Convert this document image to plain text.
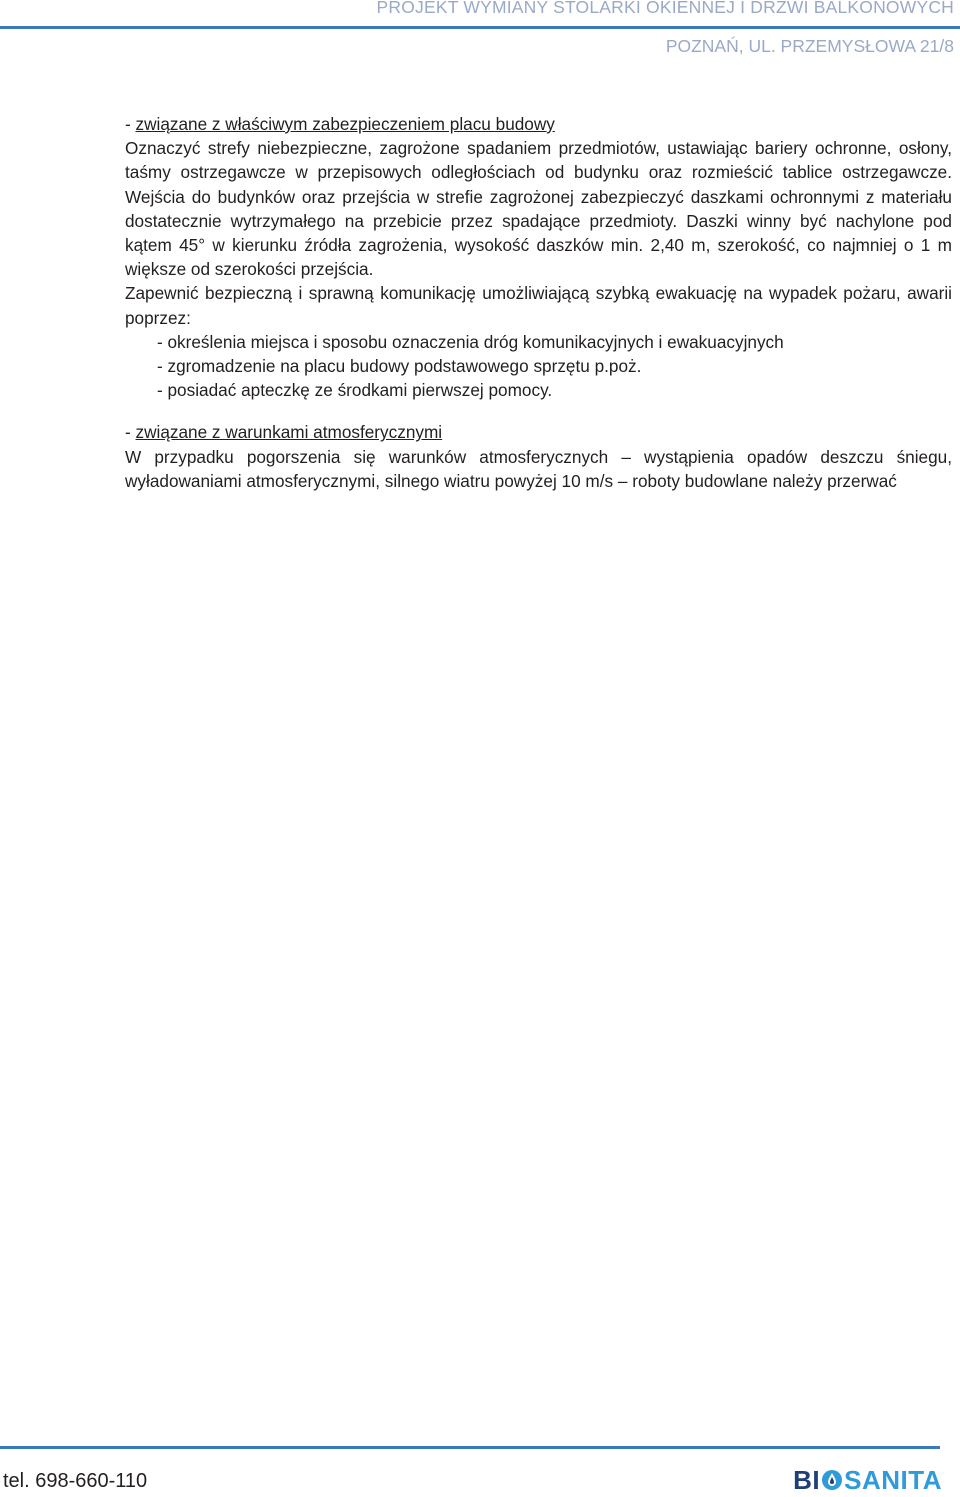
PROJEKT WYMIANY STOLARKI OKIENNEJ I DRZWI BALKONOWYCH
POZNAŃ, UL. PRZEMYSŁOWA 21/8

- związane z właściwym zabezpieczeniem placu budowy

Oznaczyć strefy niebezpieczne, zagrożone spadaniem przedmiotów, ustawiając bariery ochronne, osłony, taśmy ostrzegawcze w przepisowych odległościach od budynku oraz rozmieścić tablice ostrzegawcze. Wejścia do budynków oraz przejścia w strefie zagrożonej zabezpieczyć daszkami ochronnymi z materiału dostatecznie wytrzymałego na przebicie przez spadające przedmioty. Daszki winny być nachylone pod kątem 45° w kierunku źródła zagrożenia, wysokość daszków min. 2,40 m, szerokość, co najmniej o 1 m większe od szerokości przejścia.

Zapewnić bezpieczną i sprawną komunikację umożliwiającą szybką ewakuację na wypadek pożaru, awarii poprzez:

- określenia miejsca i sposobu oznaczenia dróg komunikacyjnych i ewakuacyjnych

- zgromadzenie na placu budowy podstawowego sprzętu p.poż.

- posiadać apteczkę ze środkami pierwszej pomocy.

- związane z warunkami atmosferycznymi

W przypadku pogorszenia się warunków atmosferycznych – wystąpienia opadów deszczu śniegu, wyładowaniami atmosferycznymi, silnego wiatru powyżej 10 m/s – roboty budowlane należy przerwać

tel. 698-660-110	BI SANITA
